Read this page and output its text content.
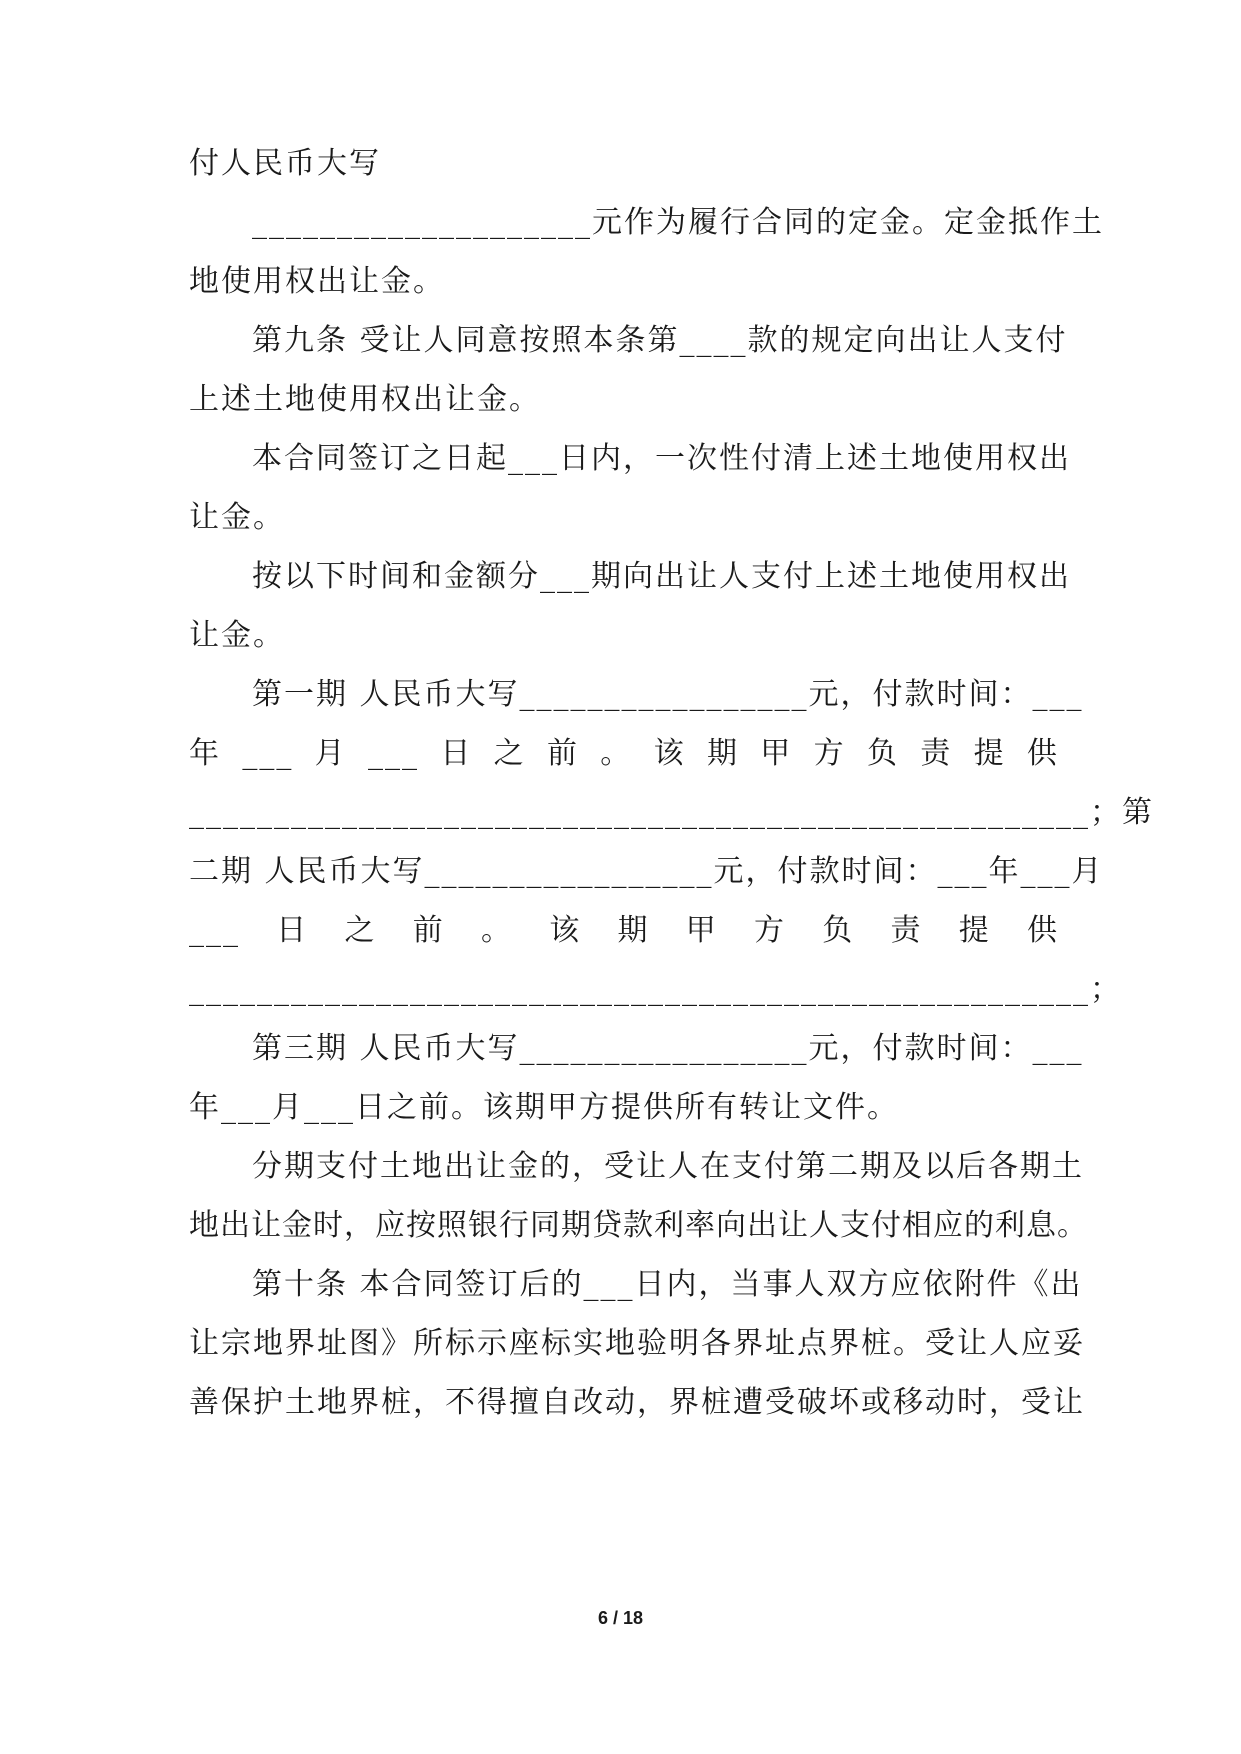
付人民币大写
____________________元作为履行合同的定金。定金抵作土
地使用权出让金。
第九条 受让人同意按照本条第____款的规定向出让人支付
上述土地使用权出让金。
本合同签订之日起___日内，一次性付清上述土地使用权出
让金。
按以下时间和金额分___期向出让人支付上述土地使用权出
让金。
第一期 人民币大写_________________元，付款时间：___
年 ___ 月 ___ 日 之 前 。 该 期 甲 方 负 责 提 供
_____________________________________________________；第
二期 人民币大写_________________元，付款时间：___年___月
___ 日 之 前 。 该 期 甲 方 负 责 提 供
_____________________________________________________；
第三期 人民币大写_________________元，付款时间：___
年___月___日之前。该期甲方提供所有转让文件。
分期支付土地出让金的，受让人在支付第二期及以后各期土
地出让金时，应按照银行同期贷款利率向出让人支付相应的利息。
第十条 本合同签订后的___日内，当事人双方应依附件《出
让宗地界址图》所标示座标实地验明各界址点界桩。受让人应妥
善保护土地界桩，不得擅自改动，界桩遭受破坏或移动时，受让
6 / 18
